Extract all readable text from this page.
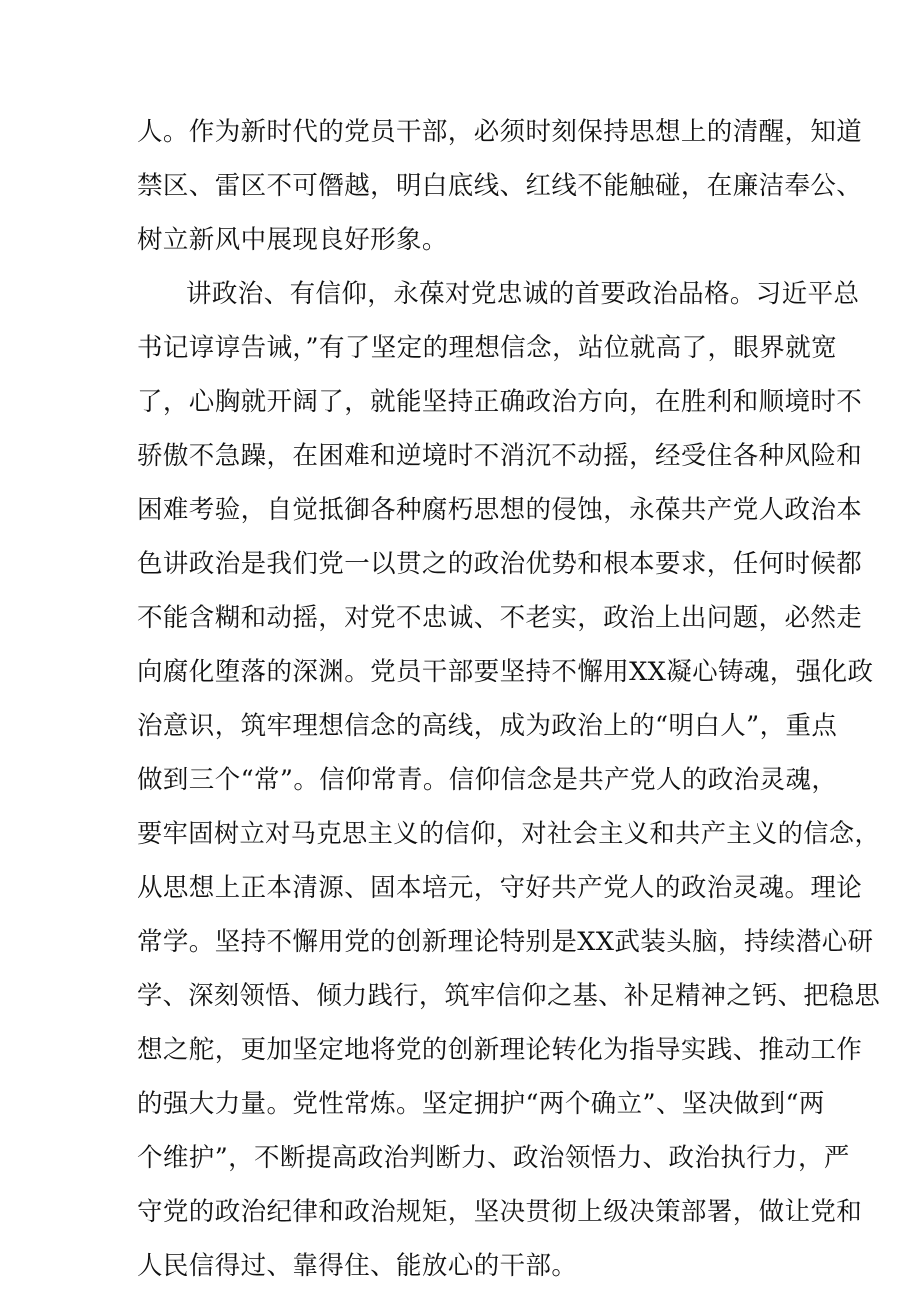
人。作为新时代的党员干部，必须时刻保持思想上的清醒，知道
禁区、雷区不可僭越，明白底线、红线不能触碰，在廉洁奉公、
树立新风中展现良好形象。
讲政治、有信仰，永葆对党忠诚的首要政治品格。习近平总
书记谆谆告诫，”有了坚定的理想信念，站位就高了，眼界就宽
了，心胸就开阔了，就能坚持正确政治方向，在胜利和顺境时不
骄傲不急躁，在困难和逆境时不消沉不动摇，经受住各种风险和
困难考验，自觉抵御各种腐朽思想的侵蚀，永葆共产党人政治本
色讲政治是我们党一以贯之的政治优势和根本要求，任何时候都
不能含糊和动摇，对党不忠诚、不老实，政治上出问题，必然走
向腐化堕落的深渊。党员干部要坚持不懈用XX凝心铸魂，强化政
治意识，筑牢理想信念的高线，成为政治上的“明白人”，重点
做到三个“常”。信仰常青。信仰信念是共产党人的政治灵魂，
要牢固树立对马克思主义的信仰，对社会主义和共产主义的信念，
从思想上正本清源、固本培元，守好共产党人的政治灵魂。理论
常学。坚持不懈用党的创新理论特别是XX武装头脑，持续潜心研
学、深刻领悟、倾力践行，筑牢信仰之基、补足精神之钙、把稳思
想之舵，更加坚定地将党的创新理论转化为指导实践、推动工作
的强大力量。党性常炼。坚定拥护“两个确立”、坚决做到“两
个维护”，不断提高政治判断力、政治领悟力、政治执行力，严
守党的政治纪律和政治规矩，坚决贯彻上级决策部署，做让党和
人民信得过、靠得住、能放心的干部。
